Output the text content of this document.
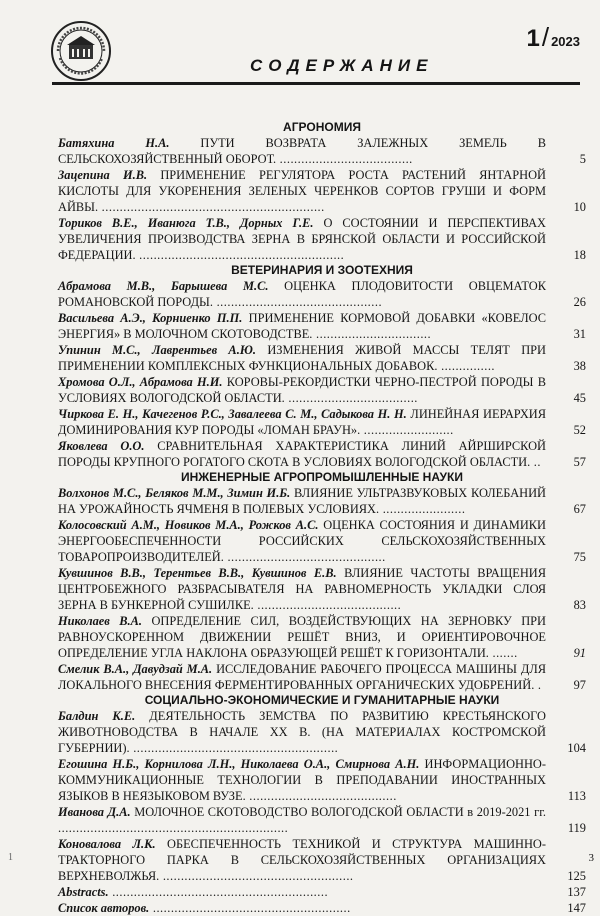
1/ 2023
СОДЕРЖАНИЕ
АГРОНОМИЯ
Батяхина Н.А. ПУТИ ВОЗВРАТА ЗАЛЕЖНЫХ ЗЕМЕЛЬ В СЕЛЬСКОХОЗЯЙСТВЕННЫЙ ОБОРОТ. .....................................	5
Зацепина И.В. ПРИМЕНЕНИЕ РЕГУЛЯТОРА РОСТА РАСТЕНИЙ ЯНТАРНОЙ КИСЛОТЫ ДЛЯ УКОРЕНЕНИЯ ЗЕЛЕНЫХ ЧЕРЕНКОВ СОРТОВ ГРУШИ И ФОРМ АЙВЫ. ..............................................................	10
Ториков В.Е., Иванюга Т.В., Дорных Г.Е. О СОСТОЯНИИ И ПЕРСПЕКТИВАХ УВЕЛИЧЕНИЯ ПРОИЗВОДСТВА ЗЕРНА В БРЯНСКОЙ ОБЛАСТИ И РОССИЙСКОЙ ФЕДЕРАЦИИ. .........................................................	18
ВЕТЕРИНАРИЯ И ЗООТЕХНИЯ
Абрамова М.В., Барышева М.С. ОЦЕНКА ПЛОДОВИТОСТИ ОВЦЕМАТОК РОМАНОВСКОЙ ПОРОДЫ. ..............................................	26
Васильева А.Э., Корниенко П.П. ПРИМЕНЕНИЕ КОРМОВОЙ ДОБАВКИ «КОВЕЛОС ЭНЕРГИЯ» В МОЛОЧНОМ СКОТОВОДСТВЕ. ................................	31
Упинин М.С., Лаврентьев А.Ю. ИЗМЕНЕНИЯ ЖИВОЙ МАССЫ ТЕЛЯТ ПРИ ПРИМЕНЕНИИ КОМПЛЕКСНЫХ ФУНКЦИОНАЛЬНЫХ ДОБАВОК. ...............	38
Хромова О.Л., Абрамова Н.И. КОРОВЫ-РЕКОРДИСТКИ ЧЕРНО-ПЕСТРОЙ ПОРОДЫ В УСЛОВИЯХ ВОЛОГОДСКОЙ ОБЛАСТИ. ....................................	45
Чиркова Е. Н., Качегенов Р.С., Завалеева С. М., Садыкова Н. Н. ЛИНЕЙНАЯ ИЕРАРХИЯ ДОМИНИРОВАНИЯ КУР ПОРОДЫ «ЛОМАН БРАУН». .........................	52
Яковлева О.О. СРАВНИТЕЛЬНАЯ ХАРАКТЕРИСТИКА ЛИНИЙ АЙРШИРСКОЙ ПОРОДЫ КРУПНОГО РОГАТОГО СКОТА В УСЛОВИЯХ ВОЛОГОДСКОЙ ОБЛАСТИ. ..	57
ИНЖЕНЕРНЫЕ АГРОПРОМЫШЛЕННЫЕ НАУКИ
Волхонов М.С., Беляков М.М., Зимин И.Б. ВЛИЯНИЕ УЛЬТРАЗВУКОВЫХ КОЛЕБАНИЙ НА УРОЖАЙНОСТЬ ЯЧМЕНЯ В ПОЛЕВЫХ УСЛОВИЯХ. .......................	67
Колосовский А.М., Новиков М.А., Рожков А.С. ОЦЕНКА СОСТОЯНИЯ И ДИНАМИКИ ЭНЕРГООБЕСПЕЧЕННОСТИ РОССИЙСКИХ СЕЛЬСКОХОЗЯЙСТВЕННЫХ ТОВАРОПРОИЗВОДИТЕЛЕЙ. ............................................	75
Кувшинов В.В., Терентьев В.В., Кувшинов Е.В. ВЛИЯНИЕ ЧАСТОТЫ ВРАЩЕНИЯ ЦЕНТРОБЕЖНОГО РАЗБРАСЫВАТЕЛЯ НА РАВНОМЕРНОСТЬ УКЛАДКИ СЛОЯ ЗЕРНА В БУНКЕРНОЙ СУШИЛКЕ. ........................................	83
Николаев В.А. ОПРЕДЕЛЕНИЕ СИЛ, ВОЗДЕЙСТВУЮЩИХ НА ЗЕРНОВКУ ПРИ РАВНОУСКОРЕННОМ ДВИЖЕНИИ РЕШЁТ ВНИЗ, И ОРИЕНТИРОВОЧНОЕ ОПРЕДЕЛЕНИЕ УГЛА НАКЛОНА ОБРАЗУЮЩЕЙ РЕШЁТ К ГОРИЗОНТАЛИ. .......	91
Смелик В.А., Давудзай М.А. ИССЛЕДОВАНИЕ РАБОЧЕГО ПРОЦЕССА МАШИНЫ ДЛЯ ЛОКАЛЬНОГО ВНЕСЕНИЯ ФЕРМЕНТИРОВАННЫХ ОРГАНИЧЕСКИХ УДОБРЕНИЙ. .	97
СОЦИАЛЬНО-ЭКОНОМИЧЕСКИЕ И ГУМАНИТАРНЫЕ НАУКИ
Балдин К.Е. ДЕЯТЕЛЬНОСТЬ ЗЕМСТВА ПО РАЗВИТИЮ КРЕСТЬЯНСКОГО ЖИВОТНОВОДСТВА В НАЧАЛЕ XX В. (НА МАТЕРИАЛАХ КОСТРОМСКОЙ ГУБЕРНИИ). .........................................................	104
Егошина Н.Б., Корнилова Л.Н., Николаева О.А., Смирнова А.Н. ИНФОРМАЦИОННО-КОММУНИКАЦИОННЫЕ ТЕХНОЛОГИИ В ПРЕПОДАВАНИИ ИНОСТРАННЫХ ЯЗЫКОВ В НЕЯЗЫКОВОМ ВУЗЕ. .........................................	113
Иванова Д.А. МОЛОЧНОЕ СКОТОВОДСТВО ВОЛОГОДСКОЙ ОБЛАСТИ в 2019-2021 гг. ................................................................	119
Коновалова Л.К. ОБЕСПЕЧЕННОСТЬ ТЕХНИКОЙ И СТРУКТУРА МАШИННО-ТРАКТОРНОГО ПАРКА В СЕЛЬСКОХОЗЯЙСТВЕННЫХ ОРГАНИЗАЦИЯХ ВЕРХНЕВОЛЖЬЯ. .....................................................	125
Abstracts. ............................................................	137
Список авторов. .......................................................	147
1	3
